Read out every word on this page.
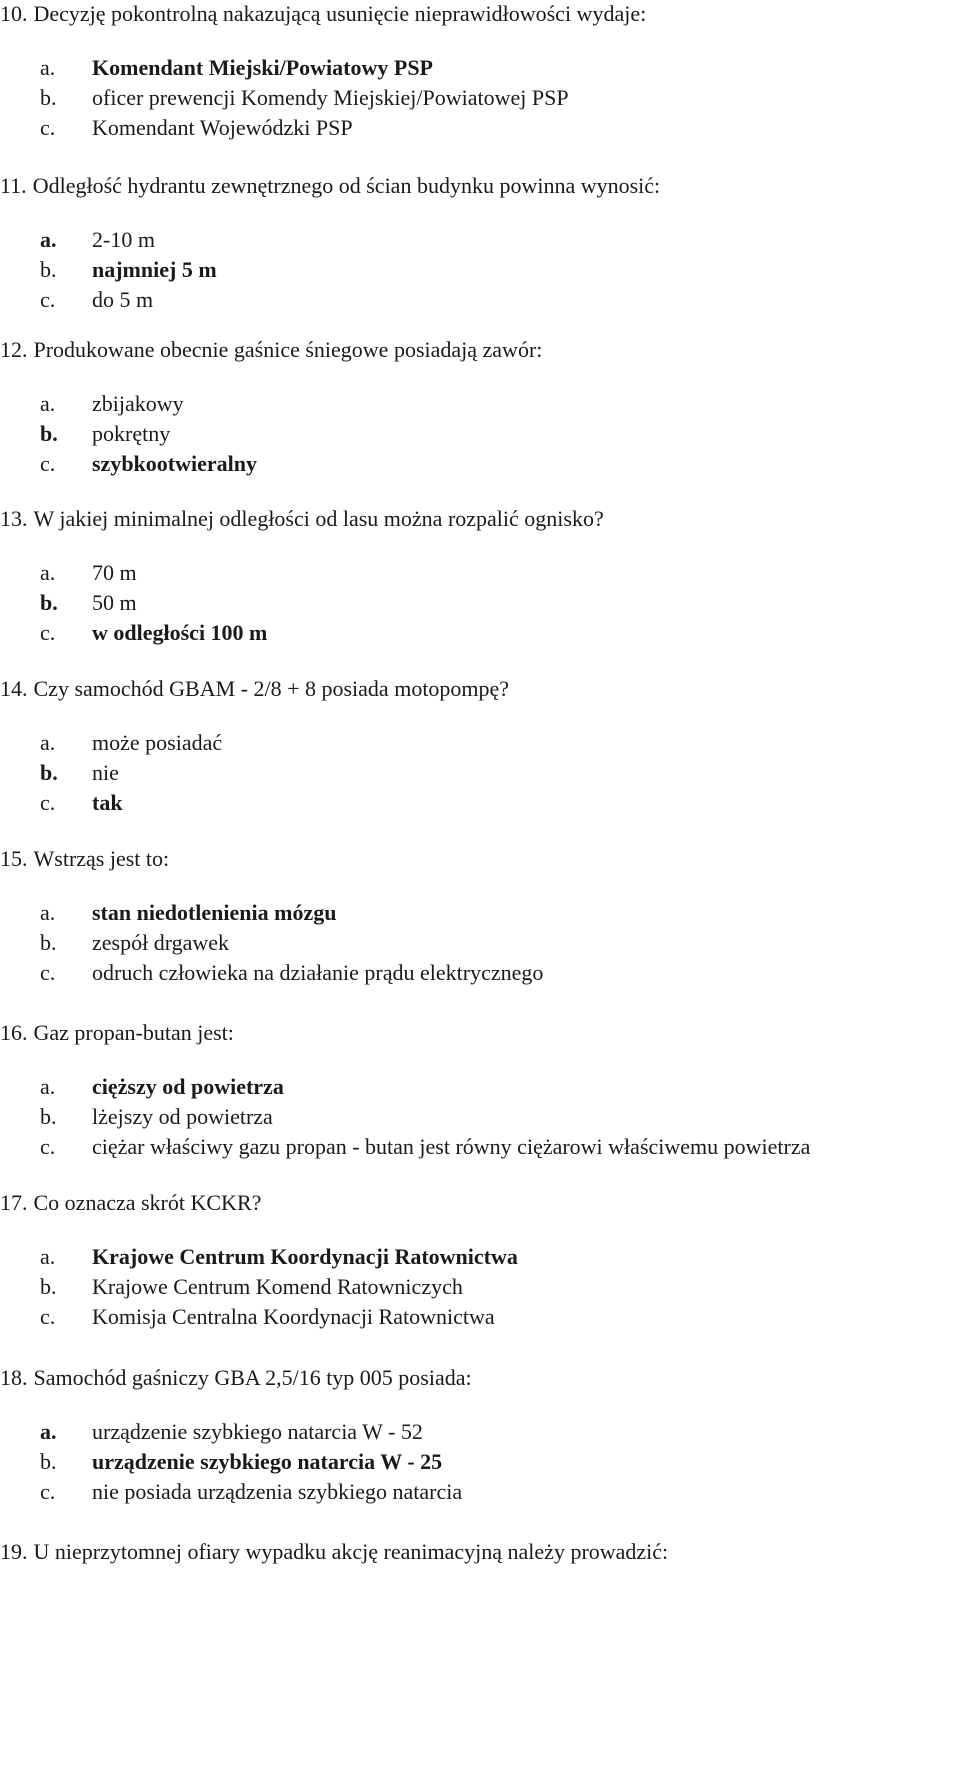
10. Decyzję pokontrolną nakazującą usunięcie nieprawidłowości wydaje:
a. Komendant Miejski/Powiatowy PSP
b. oficer prewencji Komendy Miejskiej/Powiatowej PSP
c. Komendant Wojewódzki PSP
11. Odległość hydrantu zewnętrznego od ścian budynku powinna wynosić:
a. 2-10 m
b. najmniej 5 m
c. do 5 m
12. Produkowane obecnie gaśnice śniegowe posiadają zawór:
a. zbijakowy
b. pokrętny
c. szybkootwieralny
13. W jakiej minimalnej odległości od lasu można rozpalić ognisko?
a. 70 m
b. 50 m
c. w odległości 100 m
14. Czy samochód GBAM - 2/8 + 8 posiada motopompę?
a. może posiadać
b. nie
c. tak
15. Wstrząs jest to:
a. stan niedotlenienia mózgu
b. zespół drgawek
c. odruch człowieka na działanie prądu elektrycznego
16. Gaz propan-butan jest:
a. cięższy od powietrza
b. lżejszy od powietrza
c. ciężar właściwy gazu propan - butan jest równy ciężarowi właściwemu powietrza
17. Co oznacza skrót KCKR?
a. Krajowe Centrum Koordynacji Ratownictwa
b. Krajowe Centrum Komend Ratowniczych
c. Komisja Centralna Koordynacji Ratownictwa
18. Samochód gaśniczy GBA 2,5/16 typ 005 posiada:
a. urządzenie szybkiego natarcia W - 52
b. urządzenie szybkiego natarcia W - 25
c. nie posiada urządzenia szybkiego natarcia
19. U nieprzytomnej ofiary wypadku akcję reanimacyjną należy prowadzić:
